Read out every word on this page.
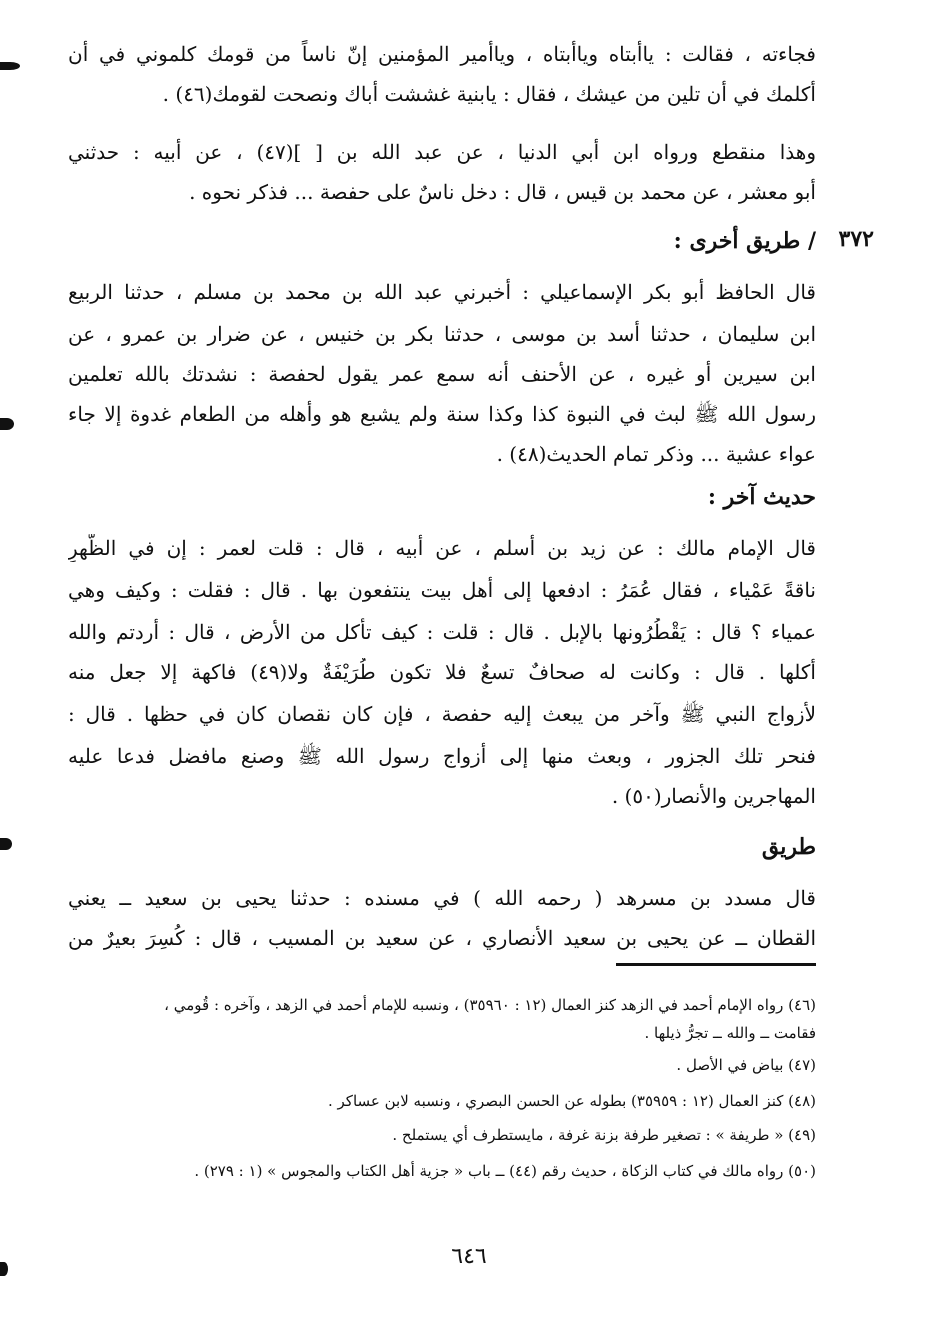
فجاءته ، فقالت : ياأبتاه وياأبتاه ، وياأمير المؤمنين إنّ ناساً من قومك كلموني في أن
أكلمك في أن تلين من عيشك ، فقال : يابنية غششت أباك ونصحت لقومك(٤٦) .
وهذا منقطع ورواه ابن أبي الدنيا ، عن عبد الله بن [ ](٤٧) ، عن أبيه : حدثني
أبو معشر ، عن محمد بن قيس ، قال : دخل ناسٌ على حفصة ... فذكر نحوه .
٣٧٢
/ طريق أخرى :
قال الحافظ أبو بكر الإسماعيلي : أخبرني عبد الله بن محمد بن مسلم ، حدثنا الربيع
ابن سليمان ، حدثنا أسد بن موسى ، حدثنا بكر بن خنيس ، عن ضرار بن عمرو ، عن
ابن سيرين أو غيره ، عن الأحنف أنه سمع عمر يقول لحفصة : نشدتك بالله تعلمين
رسول الله ﷺ لبث في النبوة كذا وكذا سنة ولم يشبع هو وأهله من الطعام غدوة إلا جاء
عواء عشية ... وذكر تمام الحديث(٤٨) .
حديث آخر :
قال الإمام مالك : عن زيد بن أسلم ، عن أبيه ، قال : قلت لعمر : إن في الظّهرِ
ناقةً عَمْياء ، فقال عُمَرُ : ادفعها إلى أهل بيت ينتفعون بها . قال : فقلت : وكيف وهي
عمياء ؟ قال : يَقْطُرُونها بالإبل . قال : قلت : كيف تأكل من الأرض ، قال : أردتم والله
أكلها . قال : وكانت له صحافٌ تسعٌ فلا تكون طُرَيْفَةٌ ولا(٤٩) فاكهة إلا جعل منه
لأزواج النبي ﷺ وآخر من يبعث إليه حفصة ، فإن كان نقصان كان في حظها . قال :
فنحر تلك الجزور ، وبعث منها إلى أزواج رسول الله ﷺ وصنع مافضل فدعا عليه
المهاجرين والأنصار(٥٠) .
طريق
قال مسدد بن مسرهد ( رحمه الله ) في مسنده : حدثنا يحيى بن سعيد ــ يعني
القطان ــ عن يحيى بن سعيد الأنصاري ، عن سعيد بن المسيب ، قال : كُسِرَ بعيرٌ من
(٤٦) رواه الإمام أحمد في الزهد كنز العمال (١٢ : ٣٥٩٦٠) ، ونسبه للإمام أحمد في الزهد ، وآخره : قُومي ،
فقامت ــ والله ــ تجرُّ ذيلها .
(٤٧) بياض في الأصل .
(٤٨) كنز العمال (١٢ : ٣٥٩٥٩) بطوله عن الحسن البصري ، ونسبه لابن عساكر .
(٤٩) « طريفة » : تصغير طرفة بزنة غرفة ، مايستطرف أي يستملح .
(٥٠) رواه مالك في كتاب الزكاة ، حديث رقم (٤٤) ــ باب « جزية أهل الكتاب والمجوس » (١ : ٢٧٩) .
٦٤٦
